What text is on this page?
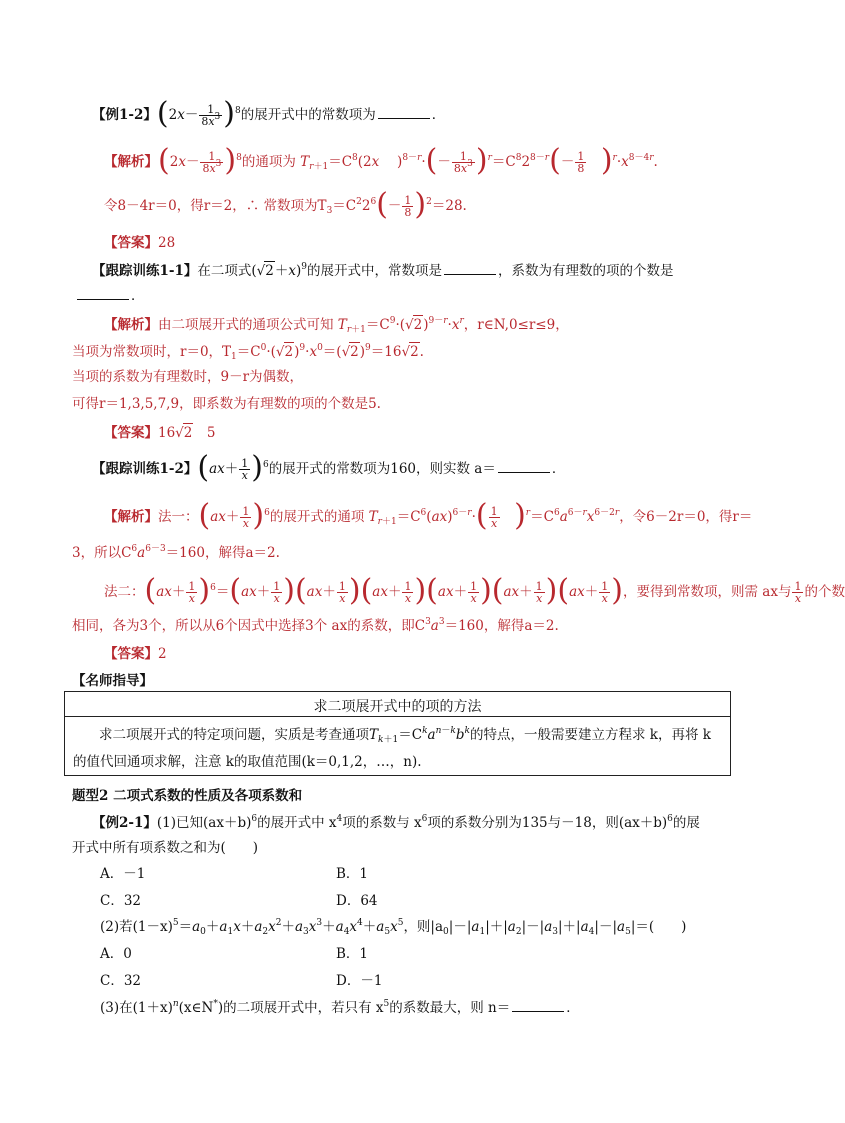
【例1-2】$(2x- \frac{1}{8x^3} )^8$的展开式中的常数项为	．
【解析】$(2x- \frac{1}{8x^3} )^8$的通项为 $T_{r+1}=C^8(2x$　 )$^{8-r}\cdot(- \frac{1}{8x^3} )^r=C^82^{8-r}(- \frac{1}{8}$
　 )$^r\cdot x^{8-4r}$.
令8－4r＝0，得r＝2，∴ 常数项为$T_3=C^22^6(- \frac{1}{8} )^2=28$.
【答案】28
【跟踪训练1-1】在二项式$(√2+x)^9$的展开式中，常数项是	，系数为有理数的项的个数是
．
【解析】由二项展开式的通项公式可知 $T_{r+1}=C^9\cdot(√2)^{9-r}\cdot x^r$，r∈N,0≤r≤9，
当项为常数项时，r＝0，$T_1=C^0\cdot(√2)^9\cdot x^0=(√2)^9=16√2$.
当项的系数为有理数时，9－r为偶数，
可得r＝1,3,5,7,9，即系数为有理数的项的个数是5.
【答案】16√2　 5
【跟踪训练1-2】$(ax+ \frac{1}{x} )^6$的展开式的常数项为160，则实数 a＝	．
【解析】法一：$(ax+ \frac{1}{x} )^6$的展开式的通项 $T_{r+1}=C^6(ax)^{6-r}\cdot( \frac{1}{x}$
　 )$^r=C^6a^{6-r}x^{6-2r}$，令6－2r＝0，得r＝
3，所以$C^6a^{6-3}=160$，解得a＝2.
法二：$(ax+ \frac{1}{x} )^6=(ax+ \frac{1}{x} )(ax+ \frac{1}{x} )(ax+ \frac{1}{x} )(ax+ \frac{1}{x} )(ax+ \frac{1}{x} )(ax+ \frac{1}{x}$ )，要得到常数项，则需 ax与 $\frac{1}{x}$ 的个数
相同，各为3个，所以从6个因式中选择3个 ax的系数，即$C^3a^3=160$，解得a＝2.
【答案】2
【名师指导】
求二项展开式中的项的方法
求二项展开式的特定项问题，实质是考查通项$T_{k+1}=C^ka^{n-k}b^k$的特点，一般需要建立方程求 k，再将 k
的值代回通项求解，注意 k的取值范围(k＝0,1,2，…，n).
题型2 二项式系数的性质及各项系数和
【例2-1】(1)已知$(ax+b)^6$的展开式中 $x^4$项的系数与 $x^6$项的系数分别为135与－18，则$(ax+b)^6$的展
开式中所有项系数之和为(　　)
A．－1	B．1
C．32	D．64
(2)若$(1-x)^5=a_0+a_1x+a_2x^2+a_3x^3+a_4x^4+a_5x^5$，则$|a_0|-|a_1|+|a_2|-|a_3|+|a_4|-|a_5|=$(　　)
A．0	B．1
C．32	D．－1
(3)在$(1+x)^n(x\in N^*)$的二项展开式中，若只有 $x^5$的系数最大，则 n＝	．
